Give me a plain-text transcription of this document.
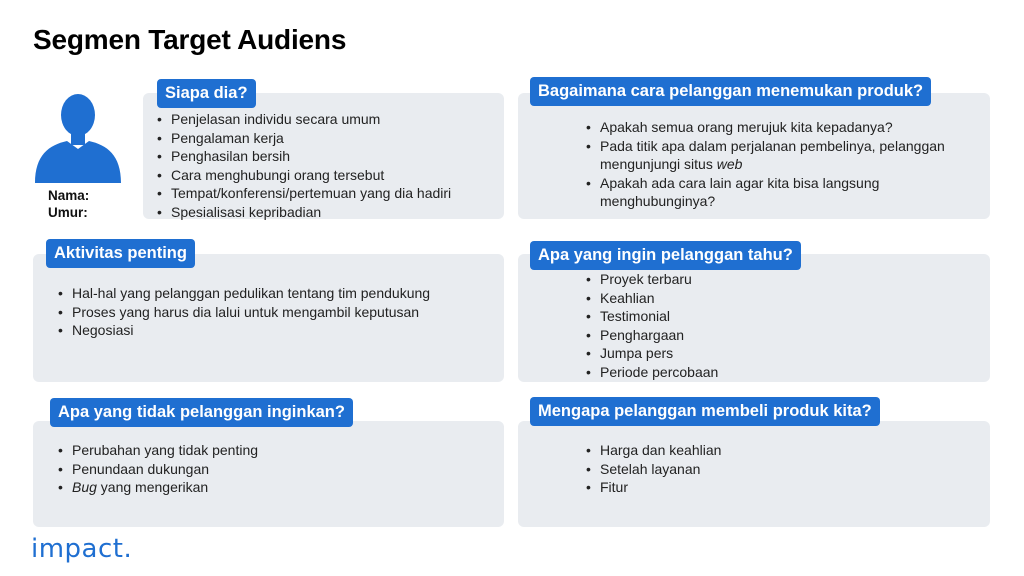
Segmen Target Audiens
Nama:
Umur:
Siapa dia?
• Penjelasan individu secara umum
• Pengalaman kerja
• Penghasilan bersih
• Cara menghubungi orang tersebut
• Tempat/konferensi/pertemuan yang dia hadiri
• Spesialisasi kepribadian
Bagaimana cara pelanggan menemukan produk?
• Apakah semua orang merujuk kita kepadanya?
• Pada titik apa dalam perjalanan pembelinya, pelanggan mengunjungi situs web
• Apakah ada cara lain agar kita bisa langsung menghubunginya?
Aktivitas penting
• Hal-hal yang pelanggan pedulikan tentang tim pendukung
• Proses yang harus dia lalui untuk mengambil keputusan
• Negosiasi
Apa yang ingin pelanggan tahu?
• Proyek terbaru
• Keahlian
• Testimonial
• Penghargaan
• Jumpa pers
• Periode percobaan
Apa yang tidak pelanggan inginkan?
• Perubahan yang tidak penting
• Penundaan dukungan
• Bug yang mengerikan
Mengapa pelanggan membeli produk kita?
• Harga dan keahlian
• Setelah layanan
• Fitur
impact.
